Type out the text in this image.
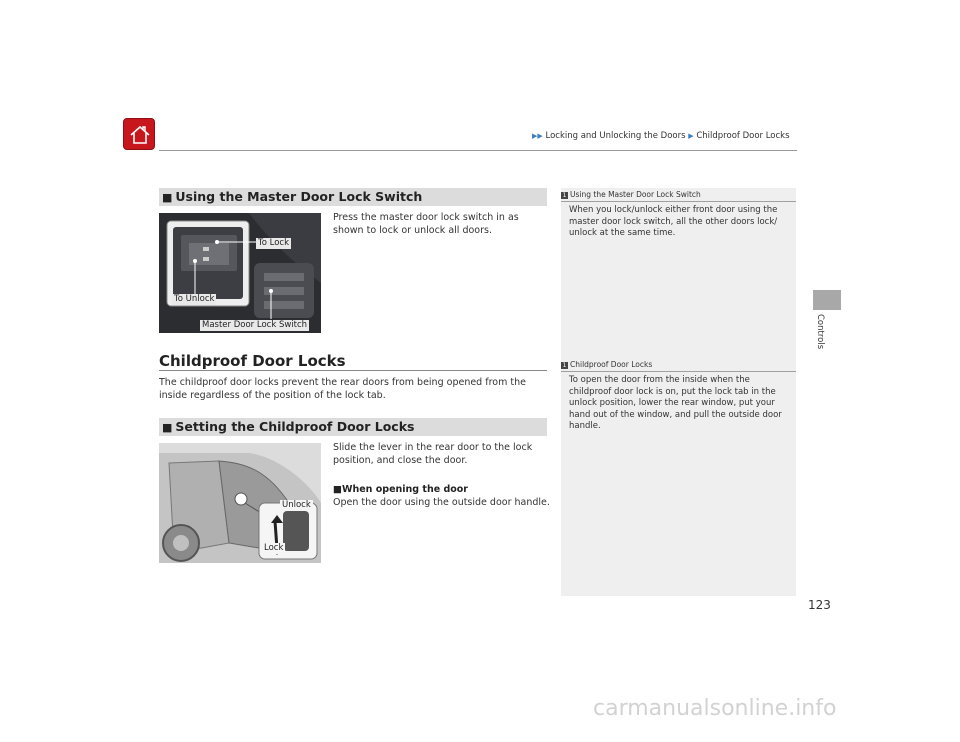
▶▶ Locking and Unlocking the Doors ▶ Childproof Door Locks
Controls
■ Using the Master Door Lock Switch
To Lock
To Unlock
Master Door Lock Switch
Press the master door lock switch in as shown to lock or unlock all doors.
Childproof Door Locks
The childproof door locks prevent the rear doors from being opened from the inside regardless of the position of the lock tab.
■ Setting the Childproof Door Locks
Unlock
Lock
Slide the lever in the rear door to the lock position, and close the door.
■When opening the door
Open the door using the outside door handle.
1 Using the Master Door Lock Switch
When you lock/unlock either front door using the master door lock switch, all the other doors lock/ unlock at the same time.
1 Childproof Door Locks
To open the door from the inside when the childproof door lock is on, put the lock tab in the unlock position, lower the rear window, put your hand out of the window, and pull the outside door handle.
123
carmanualsonline.info
